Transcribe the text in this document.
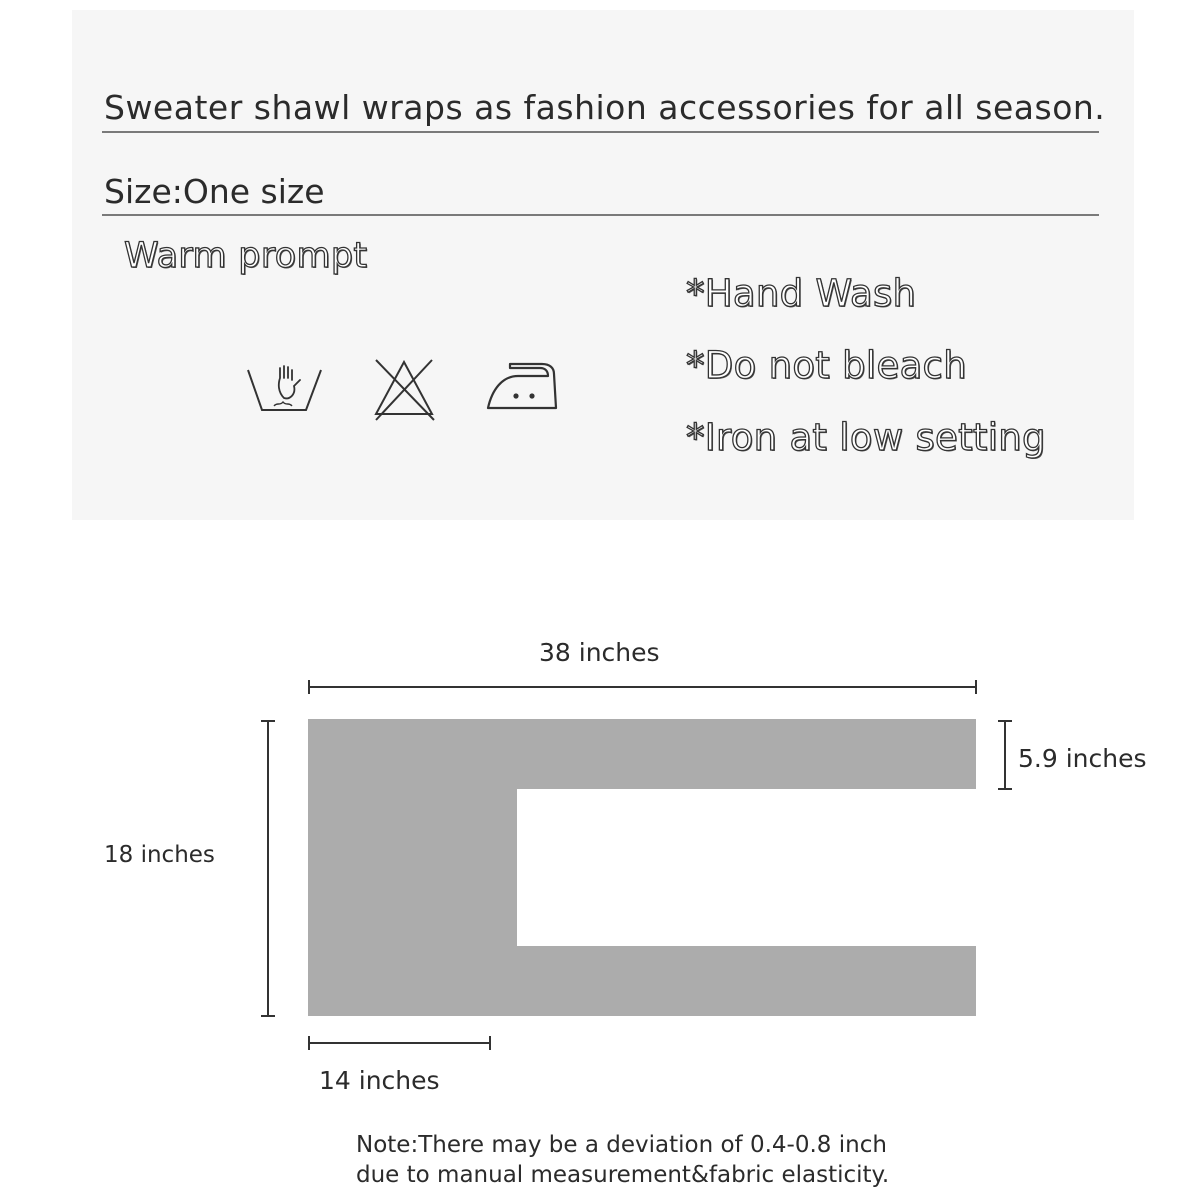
Sweater shawl wraps as fashion accessories for all season.
Size:One size
Warm prompt
*Hand Wash
*Do not bleach
*Iron at low setting
38 inches
18 inches
5.9 inches
14 inches
Note:There may be a deviation of 0.4-0.8 inch
due to manual measurement&fabric elasticity.
